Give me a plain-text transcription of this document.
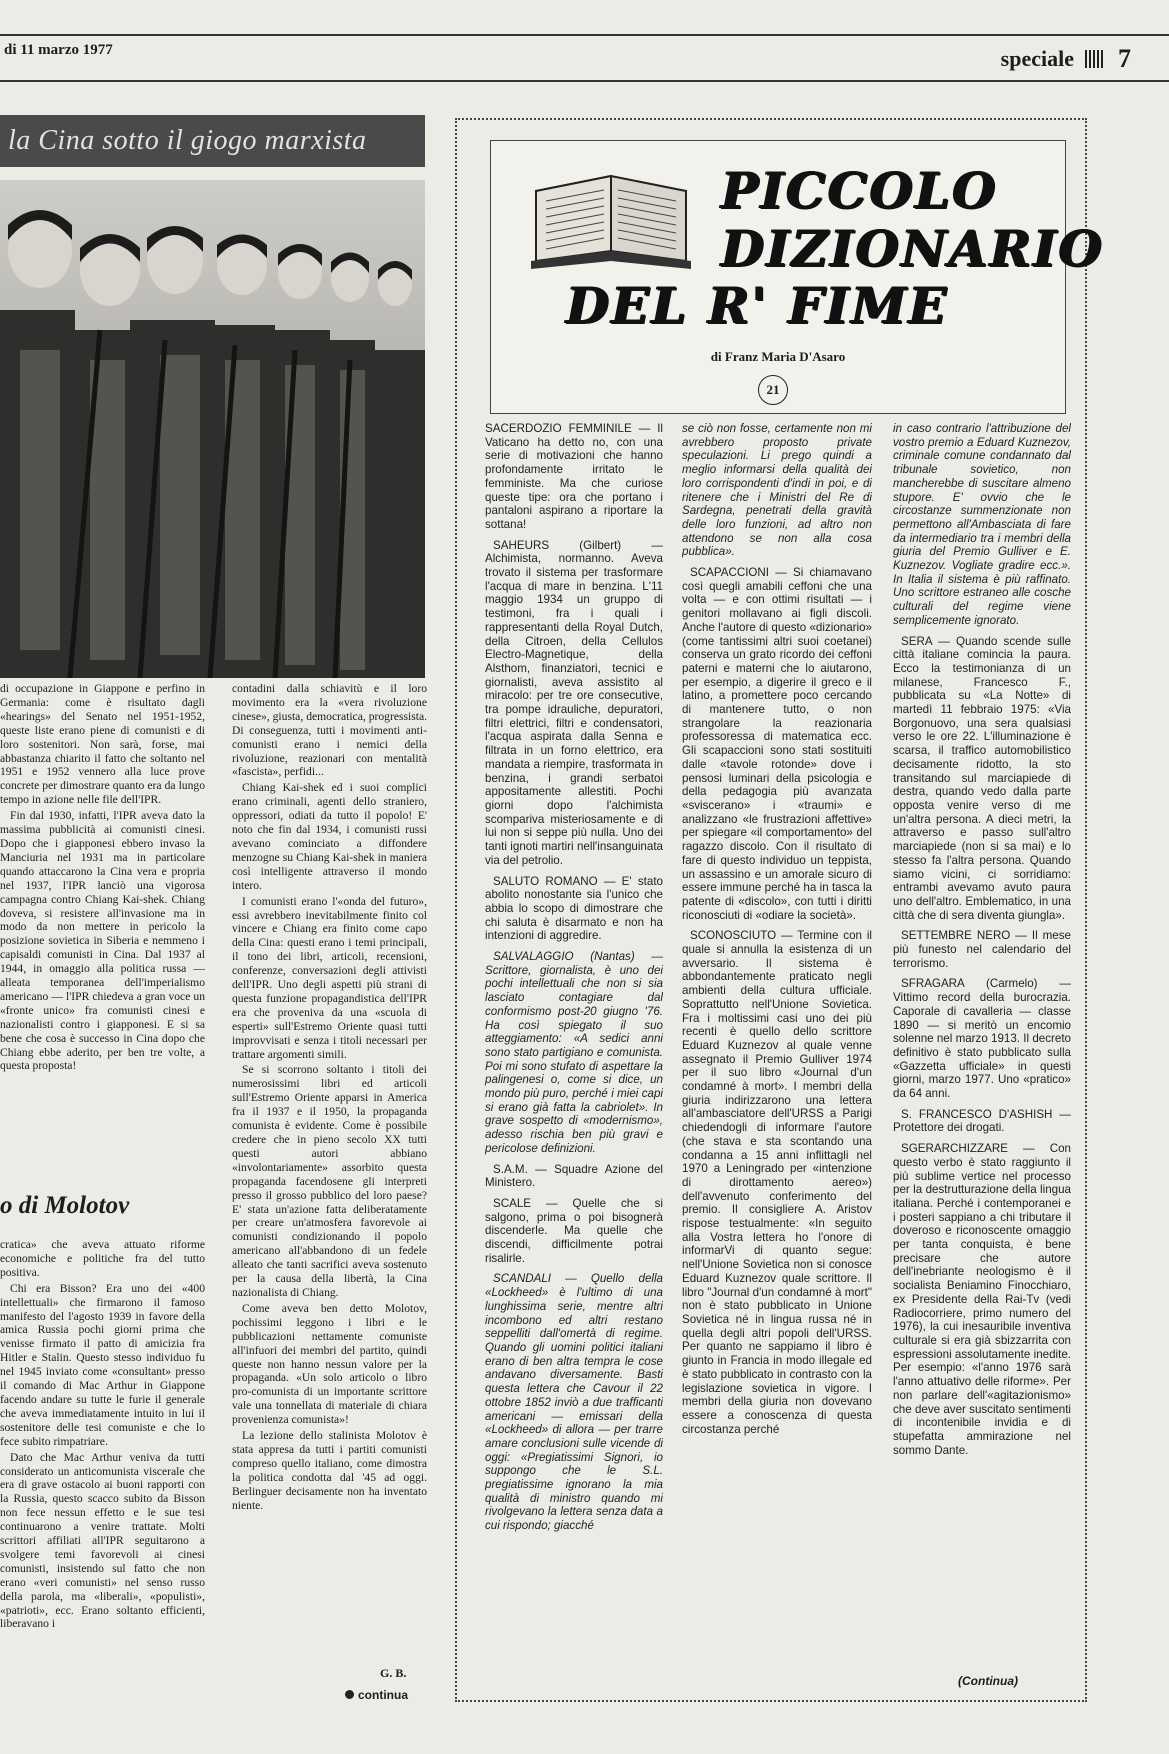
di 11 marzo 1977	speciale 7
la Cina sotto il giogo marxista

di occupazione in Giappone e perfino in Germania: come è risultato dagli «hearings» del Senato nel 1951-1952, queste liste erano piene di comunisti e di loro sostenitori. Non sarà, forse, mai abbastanza chiarito il fatto che soltanto nel 1951 e 1952 vennero alla luce prove concrete per dimostrare quanto era da lungo tempo in azione nelle file dell'IPR.

Fin dal 1930, infatti, l'IPR aveva dato la massima pubblicità ai comunisti cinesi. Dopo che i giapponesi ebbero invaso la Manciuria nel 1931 ma in particolare quando attaccarono la Cina vera e propria nel 1937, l'IPR lanciò una vigorosa campagna contro Chiang Kai-shek. Chiang doveva, si resistere all'invasione ma in modo da non mettere in pericolo la posizione sovietica in Siberia e nemmeno i capisaldi comunisti in Cina. Dal 1937 al 1944, in omaggio alla politica russa — alleata temporanea dell'imperialismo americano — l'IPR chiedeva a gran voce un «fronte unico» fra comunisti cinesi e nazionalisti contro i giapponesi. E si sa bene che cosa è successo in Cina dopo che Chiang ebbe aderito, per ben tre volte, a questa proposta!

contadini dalla schiavitù e il loro movimento era la «vera rivoluzione cinese», giusta, democratica, progressista. Di conseguenza, tutti i movimenti anti-comunisti erano i nemici della rivoluzione, reazionari con mentalità «fascista», perfidi...

Chiang Kai-shek ed i suoi complici erano criminali, agenti dello straniero, oppressori, odiati da tutto il popolo! E' noto che fin dal 1934, i comunisti russi avevano cominciato a diffondere menzogne su Chiang Kai-shek in maniera così intelligente attraverso il mondo intero.

I comunisti erano l'«onda del futuro», essi avrebbero inevitabilmente finito col vincere e Chiang era finito come capo della Cina: questi erano i temi principali, il tono dei libri, articoli, recensioni, conferenze, conversazioni degli attivisti dell'IPR. Uno degli aspetti più strani di questa funzione propagandistica dell'IPR era che proveniva da una «scuola di esperti» sull'Estremo Oriente quasi tutti improvvisati e senza i titoli necessari per trattare argomenti simili.

Se si scorrono soltanto i titoli dei numerosissimi libri ed articoli sull'Estremo Oriente apparsi in America fra il 1937 e il 1950, la propaganda comunista è evidente. Come è possibile credere che in pieno secolo XX tutti questi autori abbiano «involontariamente» assorbito questa propaganda facendosene gli interpreti presso il grosso pubblico del loro paese? E' stata un'azione fatta deliberatamente per creare un'atmosfera favorevole ai comunisti condizionando il popolo americano all'abbandono di un fedele alleato che tanti sacrifici aveva sostenuto per la causa della libertà, la Cina nazionalista di Chiang.

Come aveva ben detto Molotov, pochissimi leggono i libri e le pubblicazioni nettamente comuniste all'infuori dei membri del partito, quindi queste non hanno nessun valore per la propaganda. «Un solo articolo o libro pro-comunista di un importante scrittore vale una tonnellata di materiale di chiara provenienza comunista»!

La lezione dello stalinista Molotov è stata appresa da tutti i partiti comunisti compreso quello italiano, come dimostra la politica condotta dal '45 ad oggi. Berlinguer decisamente non ha inventato niente.

o di Molotov

cratica» che aveva attuato riforme economiche e politiche fra del tutto positiva.

Chi era Bisson? Era uno dei «400 intellettuali» che firmarono il famoso manifesto del l'agosto 1939 in favore della amica Russia pochi giorni prima che venisse firmato il patto di amicizia fra Hitler e Stalin. Questo stesso individuo fu nel 1945 inviato come «consultant» presso il comando di Mac Arthur in Giappone facendo andare su tutte le furie il generale che aveva immediatamente intuito in lui il sostenitore delle tesi comuniste e che lo fece subito rimpatriare.

Dato che Mac Arthur veniva da tutti considerato un anticomunista viscerale che era di grave ostacolo ai buoni rapporti con la Russia, questo scacco subito da Bisson non fece nessun effetto e le sue tesi continuarono a venire trattate. Molti scrittori affiliati all'IPR seguitarono a svolgere temi favorevoli ai cinesi comunisti, insistendo sul fatto che non erano «veri comunisti» nel senso russo della parola, ma «liberali», «populisti», «patrioti», ecc. Erano soltanto efficienti, liberavano i

G. B.
continua
PICCOLO
DIZIONARIO
DEL R' FIME
di Franz Maria D'Asaro
21

SACERDOZIO FEMMINILE — Il Vaticano ha detto no, con una serie di motivazioni che hanno profondamente irritato le femministe. Ma che curiose queste tipe: ora che portano i pantaloni aspirano a riportare la sottana!

SAHEURS (Gilbert) — Alchimista, normanno. Aveva trovato il sistema per trasformare l'acqua di mare in benzina. L'11 maggio 1934 un gruppo di testimoni, fra i quali i rappresentanti della Royal Dutch, della Citroen, della Cellulos Electro-Magnetique, della Alsthom, finanziatori, tecnici e giornalisti, aveva assistito al miracolo: per tre ore consecutive, tra pompe idrauliche, depuratori, filtri elettrici, filtri e condensatori, l'acqua aspirata dalla Senna e filtrata in un forno elettrico, era mandata a riempire, trasformata in benzina, i grandi serbatoi appositamente allestiti. Pochi giorni dopo l'alchimista scompariva misteriosamente e di lui non si seppe più nulla. Uno dei tanti ignoti martiri nell'insanguinata via del petrolio.

SALUTO ROMANO — E' stato abolito nonostante sia l'unico che abbia lo scopo di dimostrare che chi saluta è disarmato e non ha intenzioni di aggredire.

SALVALAGGIO (Nantas) — Scrittore, giornalista, è uno dei pochi intellettuali che non si sia lasciato contagiare dal conformismo post-20 giugno '76. Ha così spiegato il suo atteggiamento: «A sedici anni sono stato partigiano e comunista. Poi mi sono stufato di aspettare la palingenesi o, come si dice, un mondo più puro, perché i miei capi si erano già fatta la cabriolet». In grave sospetto di «modernismo», adesso rischia ben più gravi e pericolose definizioni.

S.A.M. — Squadre Azione del Ministero.

SCALE — Quelle che si salgono, prima o poi bisognerà discenderle. Ma quelle che discendi, difficilmente potrai risalirle.

SCANDALI — Quello della «Lockheed» è l'ultimo di una lunghissima serie, mentre altri incombono ed altri restano seppelliti dall'omertà di regime. Quando gli uomini politici italiani erano di ben altra tempra le cose andavano diversamente. Basti questa lettera che Cavour il 22 ottobre 1852 inviò a due trafficanti americani — emissari della «Lockheed» di allora — per trarre amare conclusioni sulle vicende di oggi: «Pregiatissimi Signori, io suppongo che le S.L. pregiatissime ignorano la mia qualità di ministro quando mi rivolgevano la lettera senza data a cui rispondo; giacché

se ciò non fosse, certamente non mi avrebbero proposto private speculazioni. Li prego quindi a meglio informarsi della qualità dei loro corrispondenti d'indi in poi, e di ritenere che i Ministri del Re di Sardegna, penetrati della gravità delle loro funzioni, ad altro non attendono se non alla cosa pubblica».

SCAPACCIONI — Si chiamavano così quegli amabili ceffoni che una volta — e con ottimi risultati — i genitori mollavano ai figli discoli. Anche l'autore di questo «dizionario» (come tantissimi altri suoi coetanei) conserva un grato ricordo dei ceffoni paterni e materni che lo aiutarono, per esempio, a digerire il greco e il latino, a promettere poco cercando di mantenere tutto, o non strangolare la reazionaria professoressa di matematica ecc. Gli scapaccioni sono stati sostituiti dalle «tavole rotonde» dove i pensosi luminari della psicologia e della pedagogia più avanzata «sviscerano» i «traumi» e analizzano «le frustrazioni affettive» per spiegare «il comportamento» del ragazzo discolo. Con il risultato di fare di questo individuo un teppista, un assassino e un amorale sicuro di essere immune perché ha in tasca la patente di «discolo», con tutti i diritti riconosciuti di «odiare la società».

SCONOSCIUTO — Termine con il quale si annulla la esistenza di un avversario. Il sistema è abbondantemente praticato negli ambienti della cultura ufficiale. Soprattutto nell'Unione Sovietica. Fra i moltissimi casi uno dei più recenti è quello dello scrittore Eduard Kuznezov al quale venne assegnato il Premio Gulliver 1974 per il suo libro «Journal d'un condamné à mort». I membri della giuria indirizzarono una lettera all'ambasciatore dell'URSS a Parigi chiedendogli di informare l'autore (che stava e sta scontando una condanna a 15 anni inflittagli nel 1970 a Leningrado per «intenzione di dirottamento aereo») dell'avvenuto conferimento del premio. Il consigliere A. Aristov rispose testualmente: «In seguito alla Vostra lettera ho l'onore di informarVi di quanto segue: nell'Unione Sovietica non si conosce Eduard Kuznezov quale scrittore. Il libro "Journal d'un condamné à mort" non è stato pubblicato in Unione Sovietica né in lingua russa né in quella degli altri popoli dell'URSS. Per quanto ne sappiamo il libro è giunto in Francia in modo illegale ed è stato pubblicato in contrasto con la legislazione sovietica in vigore. I membri della giuria non dovevano essere a conoscenza di questa circostanza perché

in caso contrario l'attribuzione del vostro premio a Eduard Kuznezov, criminale comune condannato dal tribunale sovietico, non mancherebbe di suscitare almeno stupore. E' ovvio che le circostanze summenzionate non permettono all'Ambasciata di fare da intermediario tra i membri della giuria del Premio Gulliver e E. Kuznezov. Vogliate gradire ecc.». In Italia il sistema è più raffinato. Uno scrittore estraneo alle cosche culturali del regime viene semplicemente ignorato.

SERA — Quando scende sulle città italiane comincia la paura. Ecco la testimonianza di un milanese, Francesco F., pubblicata su «La Notte» di martedì 11 febbraio 1975: «Via Borgonuovo, una sera qualsiasi verso le ore 22. L'illuminazione è scarsa, il traffico automobilistico decisamente ridotto, la sto transitando sul marciapiede di destra, quando vedo dalla parte opposta venire verso di me un'altra persona. A dieci metri, la attraverso e passo sull'altro marciapiede (non si sa mai) e lo stesso fa l'altra persona. Quando siamo vicini, ci sorridiamo: entrambi avevamo avuto paura uno dell'altro. Emblematico, in una città che di sera diventa giungla».

SETTEMBRE NERO — Il mese più funesto nel calendario del terrorismo.

SFRAGARA (Carmelo) — Vittimo record della burocrazia. Caporale di cavalleria — classe 1890 — si meritò un encomio solenne nel marzo 1913. Il decreto definitivo è stato pubblicato sulla «Gazzetta ufficiale» in questi giorni, marzo 1977. Uno «pratico» da 64 anni.

S. FRANCESCO D'ASHISH — Protettore dei drogati.

SGERARCHIZZARE — Con questo verbo è stato raggiunto il più sublime vertice nel processo per la destrutturazione della lingua italiana. Perché i contemporanei e i posteri sappiano a chi tributare il doveroso e riconoscente omaggio per tanta conquista, è bene precisare che autore dell'inebriante neologismo è il socialista Beniamino Finocchiaro, ex Presidente della Rai-Tv (vedi Radiocorriere, primo numero del 1976), la cui inesauribile inventiva culturale si era già sbizzarrita con espressioni assolutamente inedite. Per esempio: «l'anno 1976 sarà l'anno attuativo delle riforme». Per non parlare dell'«agitazionismo» che deve aver suscitato sentimenti di incontenibile invidia e di stupefatta ammirazione nel sommo Dante.

(Continua)
